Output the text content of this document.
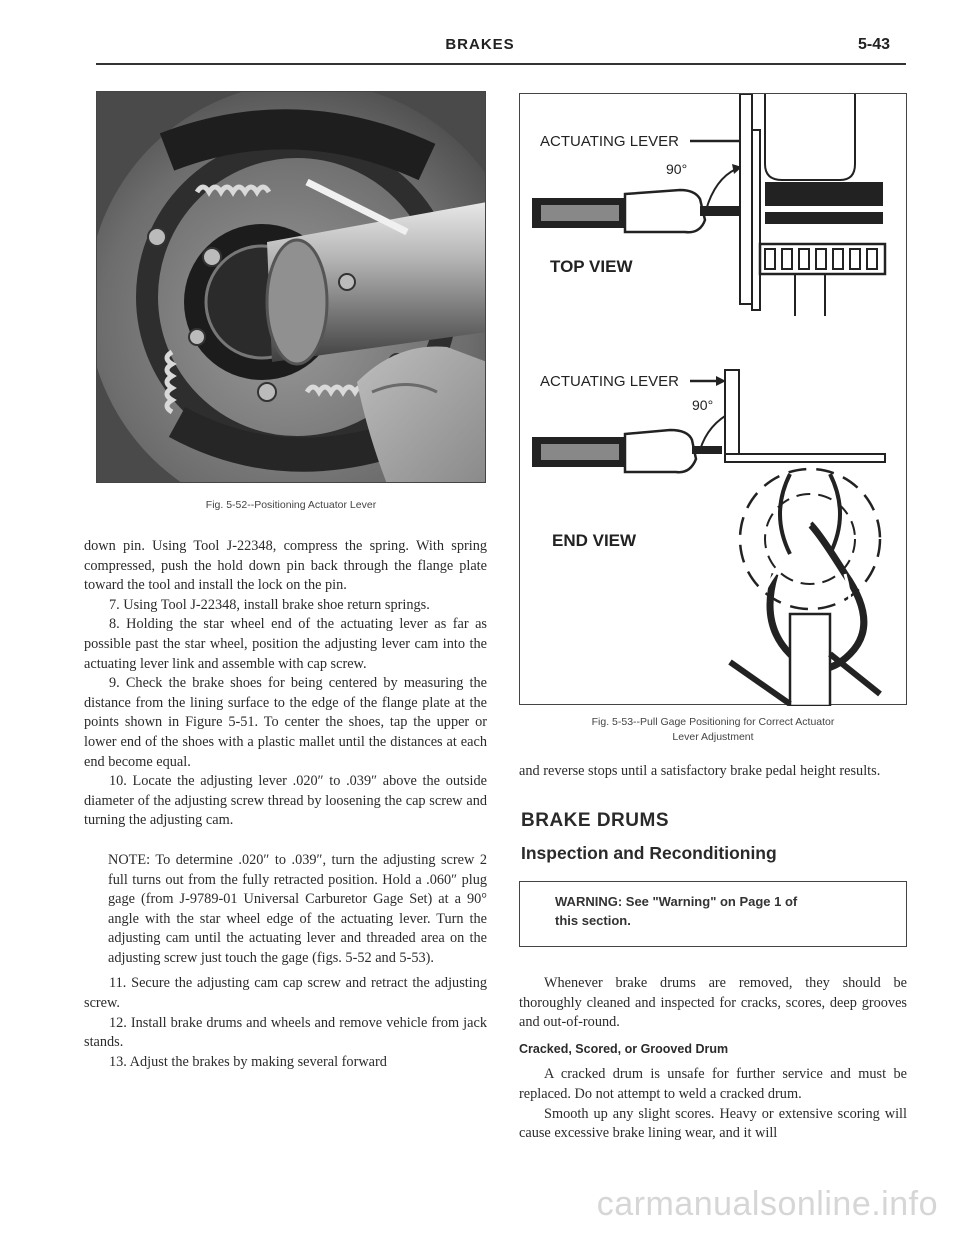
BRAKES	5-43
Fig. 5-52--Positioning Actuator Lever
ACTUATING LEVER
90°
TOP VIEW
ACTUATING LEVER
90°
END VIEW
Fig. 5-53--Pull Gage Positioning for Correct Actuator
Lever Adjustment

down pin. Using Tool J-22348, compress the spring. With spring compressed, push the hold down pin back through the flange plate toward the tool and install the lock on the pin.

7. Using Tool J-22348, install brake shoe return springs.

8. Holding the star wheel end of the actuating lever as far as possible past the star wheel, position the adjusting lever cam into the actuating lever link and assemble with cap screw.

9. Check the brake shoes for being centered by measuring the distance from the lining surface to the edge of the flange plate at the points shown in Figure 5-51. To center the shoes, tap the upper or lower end of the shoes with a plastic mallet until the distances at each end become equal.

10. Locate the adjusting lever .020″ to .039″ above the outside diameter of the adjusting screw thread by loosening the cap screw and turning the adjusting cam.

NOTE: To determine .020″ to .039″, turn the adjusting screw 2 full turns out from the fully retracted position. Hold a .060″ plug gage (from J-9789-01 Universal Carburetor Gage Set) at a 90° angle with the star wheel edge of the actuating lever. Turn the adjusting cam until the actuating lever and threaded area on the adjusting screw just touch the gage (figs. 5-52 and 5-53).

11. Secure the adjusting cam cap screw and retract the adjusting screw.

12. Install brake drums and wheels and remove vehicle from jack stands.

13. Adjust the brakes by making several forward

and reverse stops until a satisfactory brake pedal height results.
BRAKE DRUMS
Inspection and Reconditioning
WARNING: See "Warning" on Page 1 of
this section.

Whenever brake drums are removed, they should be thoroughly cleaned and inspected for cracks, scores, deep grooves and out-of-round.

Cracked, Scored, or Grooved Drum

A cracked drum is unsafe for further service and must be replaced. Do not attempt to weld a cracked drum.

Smooth up any slight scores. Heavy or extensive scoring will cause excessive brake lining wear, and it will

carmanualsonline.info
